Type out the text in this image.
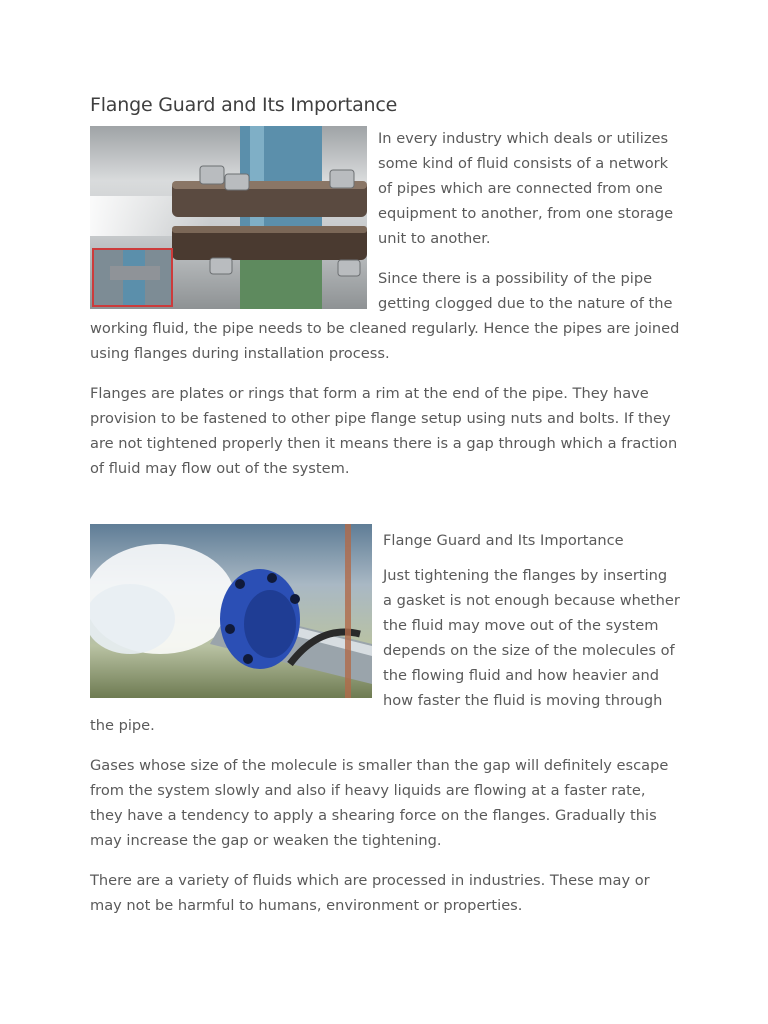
Flange Guard and Its Importance

In every industry which deals or utilizes some kind of fluid consists of a network of pipes which are connected from one equipment to another, from one storage unit to another.

Since there is a possibility of the pipe getting clogged due to the nature of the working fluid, the pipe needs to be cleaned regularly. Hence the pipes are joined using flanges during installation process.

Flanges are plates or rings that form a rim at the end of the pipe. They have provision to be fastened to other pipe flange setup using nuts and bolts. If they are not tightened properly then it means there is a gap through which a fraction of fluid may flow out of the system.

Flange Guard and Its Importance

Just tightening the flanges by inserting a gasket is not enough because whether the fluid may move out of the system depends on the size of the molecules of the flowing fluid and how heavier and how faster the fluid is moving through the pipe.

Gases whose size of the molecule is smaller than the gap will definitely escape from the system slowly and also if heavy liquids are flowing at a faster rate, they have a tendency to apply a shearing force on the flanges. Gradually this may increase the gap or weaken the tightening.

There are a variety of fluids which are processed in industries. These may or may not be harmful to humans, environment or properties.
